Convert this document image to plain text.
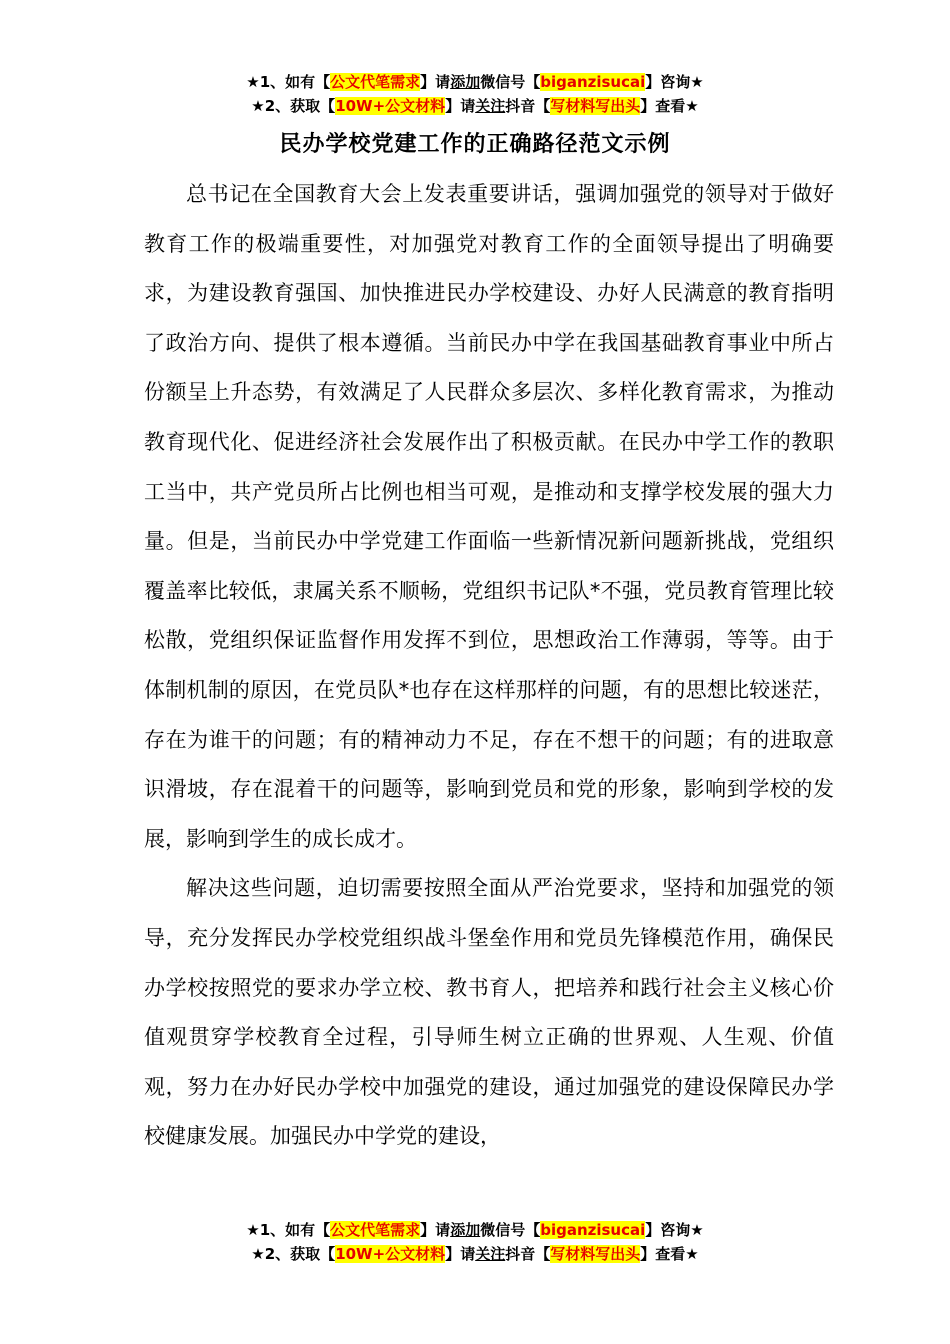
★1、如有【公文代笔需求】请添加微信号【biganzisucai】咨询★
★2、获取【10W+公文材料】请关注抖音【写材料写出头】查看★
民办学校党建工作的正确路径范文示例

总书记在全国教育大会上发表重要讲话，强调加强党的领导对于做好教育工作的极端重要性，对加强党对教育工作的全面领导提出了明确要求，为建设教育强国、加快推进民办学校建设、办好人民满意的教育指明了政治方向、提供了根本遵循。当前民办中学在我国基础教育事业中所占份额呈上升态势，有效满足了人民群众多层次、多样化教育需求，为推动教育现代化、促进经济社会发展作出了积极贡献。在民办中学工作的教职工当中，共产党员所占比例也相当可观，是推动和支撑学校发展的强大力量。但是，当前民办中学党建工作面临一些新情况新问题新挑战，党组织覆盖率比较低，隶属关系不顺畅，党组织书记队*不强，党员教育管理比较松散，党组织保证监督作用发挥不到位，思想政治工作薄弱，等等。由于体制机制的原因，在党员队*也存在这样那样的问题，有的思想比较迷茫，存在为谁干的问题；有的精神动力不足，存在不想干的问题；有的进取意识滑坡，存在混着干的问题等，影响到党员和党的形象，影响到学校的发展，影响到学生的成长成才。

解决这些问题，迫切需要按照全面从严治党要求，坚持和加强党的领导，充分发挥民办学校党组织战斗堡垒作用和党员先锋模范作用，确保民办学校按照党的要求办学立校、教书育人，把培养和践行社会主义核心价值观贯穿学校教育全过程，引导师生树立正确的世界观、人生观、价值观，努力在办好民办学校中加强党的建设，通过加强党的建设保障民办学校健康发展。加强民办中学党的建设，

★1、如有【公文代笔需求】请添加微信号【biganzisucai】咨询★
★2、获取【10W+公文材料】请关注抖音【写材料写出头】查看★
